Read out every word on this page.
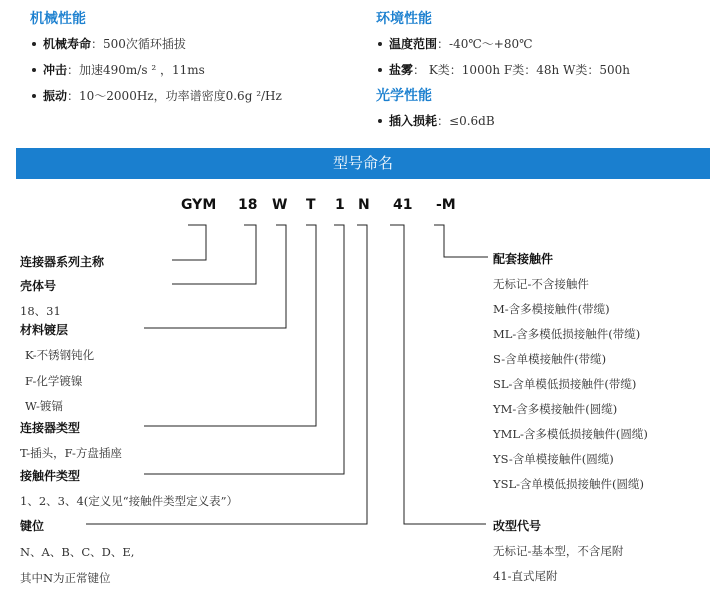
机械性能
机械寿命：500次循环插拔
冲击：加速490m/s ² ，11ms
振动：10～2000Hz，功率谱密度0.6g ²/Hz
环境性能
温度范围：-40℃～+80℃
盐雾： K类：1000h F类：48h W类：500h
光学性能
插入损耗：≤0.6dB
型号命名
GYM 18 W T 1 N 41 -M
连接器系列主称
壳体号
18、31
材料镀层
K-不锈钢钝化
F-化学镀镍
W-镀镉
连接器类型
T-插头，F-方盘插座
接触件类型
1、2、3、4(定义见“接触件类型定义表”）
键位
N、A、B、C、D、E,
其中N为正常键位
配套接触件
无标记-不含接触件
M-含多模接触件(带缆)
ML-含多模低损接触件(带缆)
S-含单模接触件(带缆)
SL-含单模低损接触件(带缆)
YM-含多模接触件(圆缆)
YML-含多模低损接触件(圆缆)
YS-含单模接触件(圆缆)
YSL-含单模低损接触件(圆缆)
改型代号
无标记-基本型，不含尾附
41-直式尾附
